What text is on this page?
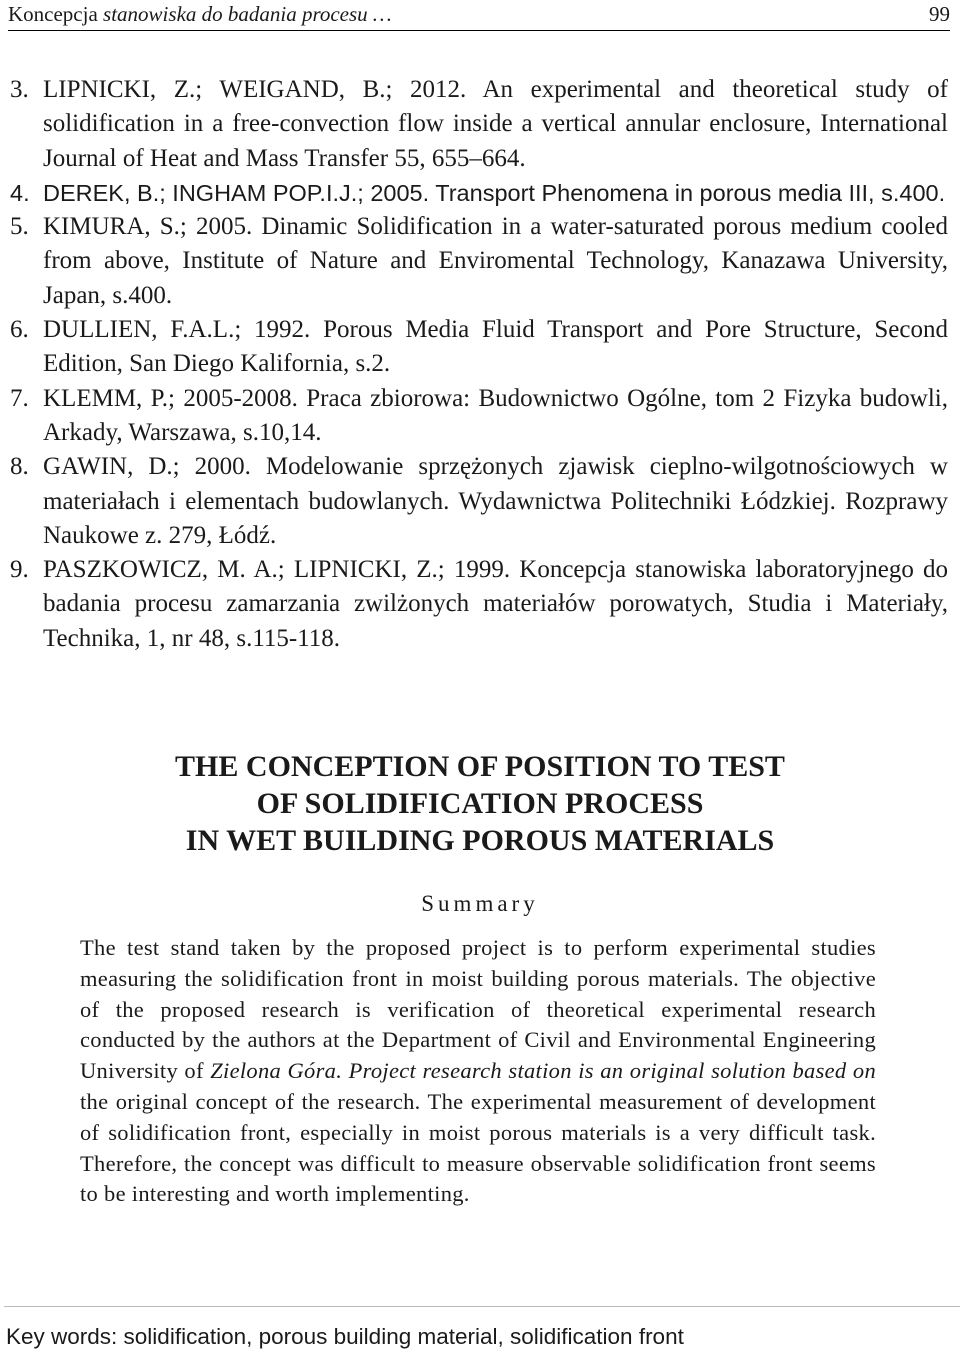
Koncepcja stanowiska do badania procesu …	99
3. LIPNICKI, Z.; WEIGAND, B.; 2012. An experimental and theoretical study of solidification in a free-convection flow inside a vertical annular enclosure, International Journal of Heat and Mass Transfer 55, 655–664.
4. DEREK, B.; INGHAM POP.I.J.; 2005. Transport Phenomena in porous media III, s.400.
5. KIMURA, S.; 2005. Dinamic Solidification in a water-saturated porous medium cooled from above, Institute of Nature and Enviromental Technology, Kanazawa University, Japan, s.400.
6. DULLIEN, F.A.L.; 1992. Porous Media Fluid Transport and Pore Structure, Second Edition, San Diego Kalifornia, s.2.
7. KLEMM, P.; 2005-2008. Praca zbiorowa: Budownictwo Ogólne, tom 2 Fizyka budowli, Arkady, Warszawa, s.10,14.
8. GAWIN, D.; 2000. Modelowanie sprzężonych zjawisk cieplno-wilgotnościowych w materiałach i elementach budowlanych. Wydawnictwa Politechniki Łódzkiej. Rozprawy Naukowe z. 279, Łódź.
9. PASZKOWICZ, M. A.; LIPNICKI, Z.; 1999. Koncepcja stanowiska laboratoryjnego do badania procesu zamarzania zwilżonych materiałów porowatych, Studia i Materiały, Technika, 1, nr 48, s.115-118.
THE CONCEPTION OF POSITION TO TEST
OF SOLIDIFICATION PROCESS
IN WET BUILDING POROUS MATERIALS
Summary
The test stand taken by the proposed project is to perform experimental studies measuring the solidification front in moist building porous materials. The objective of the proposed research is verification of theoretical experimental research conducted by the authors at the Department of Civil and Environmental Engineering University of Zielona Góra. Project research station is an original solution based on the original concept of the research. The experimental measurement of development of solidification front, especially in moist porous materials is a very difficult task. Therefore, the concept was difficult to measure observable solidification front seems to be interesting and worth implementing.
Key words: solidification, porous building material, solidification front
